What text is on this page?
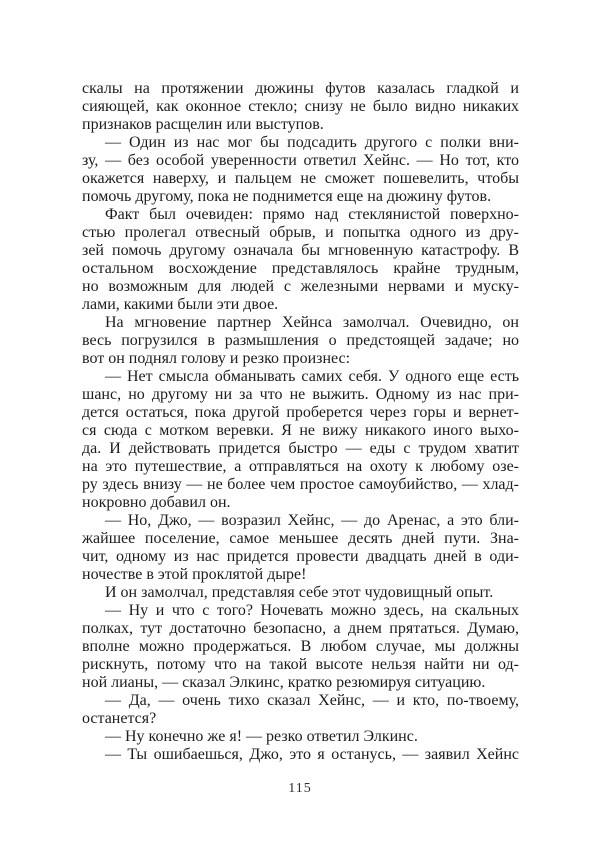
скалы на протяжении дюжины футов казалась гладкой и
сияющей, как оконное стекло; снизу не было видно никаких
признаков расщелин или выступов.
— Один из нас мог бы подсадить другого с полки вни-
зу, — без особой уверенности ответил Хейнс. — Но тот, кто
окажется наверху, и пальцем не сможет пошевелить, чтобы
помочь другому, пока не поднимется еще на дюжину футов.
Факт был очевиден: прямо над стеклянистой поверхно-
стью пролегал отвесный обрыв, и попытка одного из дру-
зей помочь другому означала бы мгновенную катастрофу. В
остальном восхождение представлялось крайне трудным,
но возможным для людей с железными нервами и муску-
лами, какими были эти двое.
На мгновение партнер Хейнса замолчал. Очевидно, он
весь погрузился в размышления о предстоящей задаче; но
вот он поднял голову и резко произнес:
— Нет смысла обманывать самих себя. У одного еще есть
шанс, но другому ни за что не выжить. Одному из нас при-
дется остаться, пока другой проберется через горы и вернет-
ся сюда с мотком веревки. Я не вижу никакого иного выхо-
да. И действовать придется быстро — еды с трудом хватит
на это путешествие, а отправляться на охоту к любому озе-
ру здесь внизу — не более чем простое самоубийство, — хлад-
нокровно добавил он.
— Но, Джо, — возразил Хейнс, — до Аренас, а это бли-
жайшее поселение, самое меньшее десять дней пути. Зна-
чит, одному из нас придется провести двадцать дней в оди-
ночестве в этой проклятой дыре!
И он замолчал, представляя себе этот чудовищный опыт.
— Ну и что с того? Ночевать можно здесь, на скальных
полках, тут достаточно безопасно, а днем прятаться. Думаю,
вполне можно продержаться. В любом случае, мы должны
рискнуть, потому что на такой высоте нельзя найти ни од-
ной лианы, — сказал Элкинс, кратко резюмируя ситуацию.
— Да, — очень тихо сказал Хейнс, — и кто, по-твоему,
останется?
— Ну конечно же я! — резко ответил Элкинс.
— Ты ошибаешься, Джо, это я останусь, — заявил Хейнс
115
